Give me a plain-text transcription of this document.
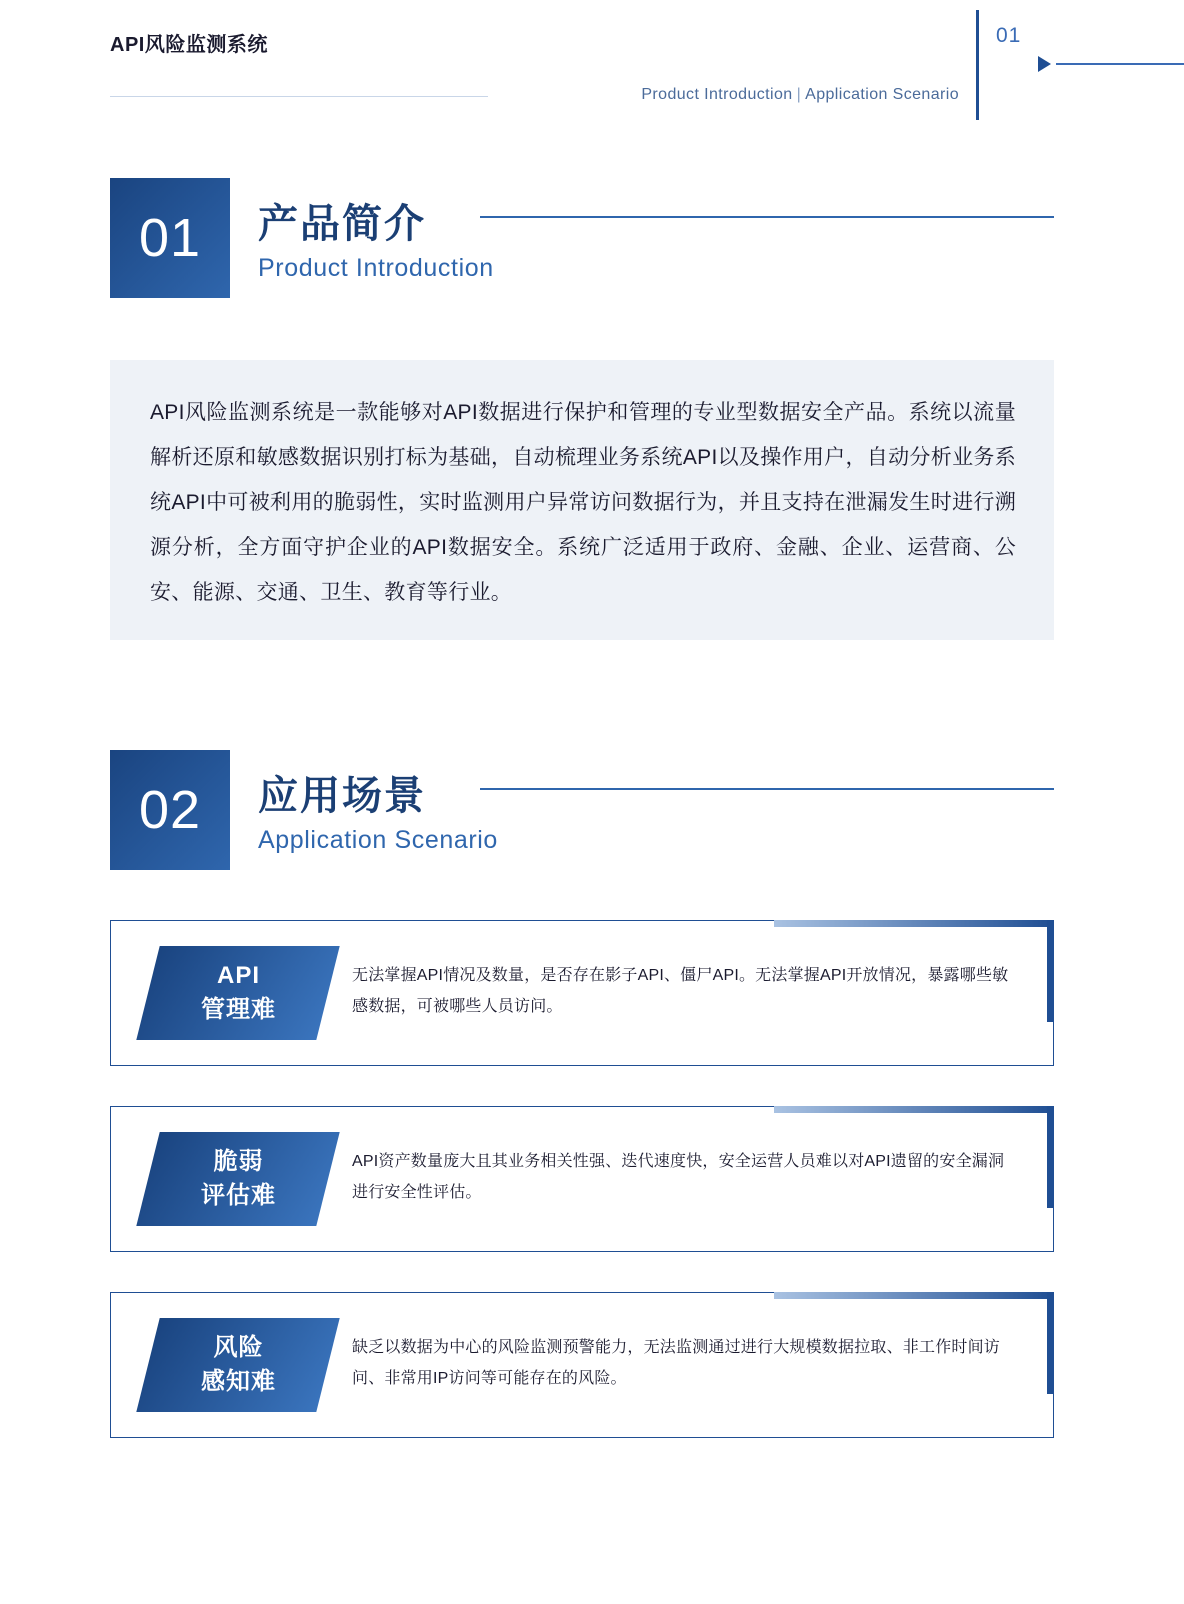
API风险监测系统
Product Introduction | Application Scenario
01
01	产品简介
Product Introduction
API风险监测系统是一款能够对API数据进行保护和管理的专业型数据安全产品。系统以流量解析还原和敏感数据识别打标为基础，自动梳理业务系统API以及操作用户，自动分析业务系统API中可被利用的脆弱性，实时监测用户异常访问数据行为，并且支持在泄漏发生时进行溯源分析，全方面守护企业的API数据安全。系统广泛适用于政府、金融、企业、运营商、公安、能源、交通、卫生、教育等行业。
02	应用场景
Application Scenario
API
管理难
无法掌握API情况及数量，是否存在影子API、僵尸API。无法掌握API开放情况，暴露哪些敏感数据，可被哪些人员访问。
脆弱
评估难
API资产数量庞大且其业务相关性强、迭代速度快，安全运营人员难以对API遗留的安全漏洞进行安全性评估。
风险
感知难
缺乏以数据为中心的风险监测预警能力，无法监测通过进行大规模数据拉取、非工作时间访问、非常用IP访问等可能存在的风险。
